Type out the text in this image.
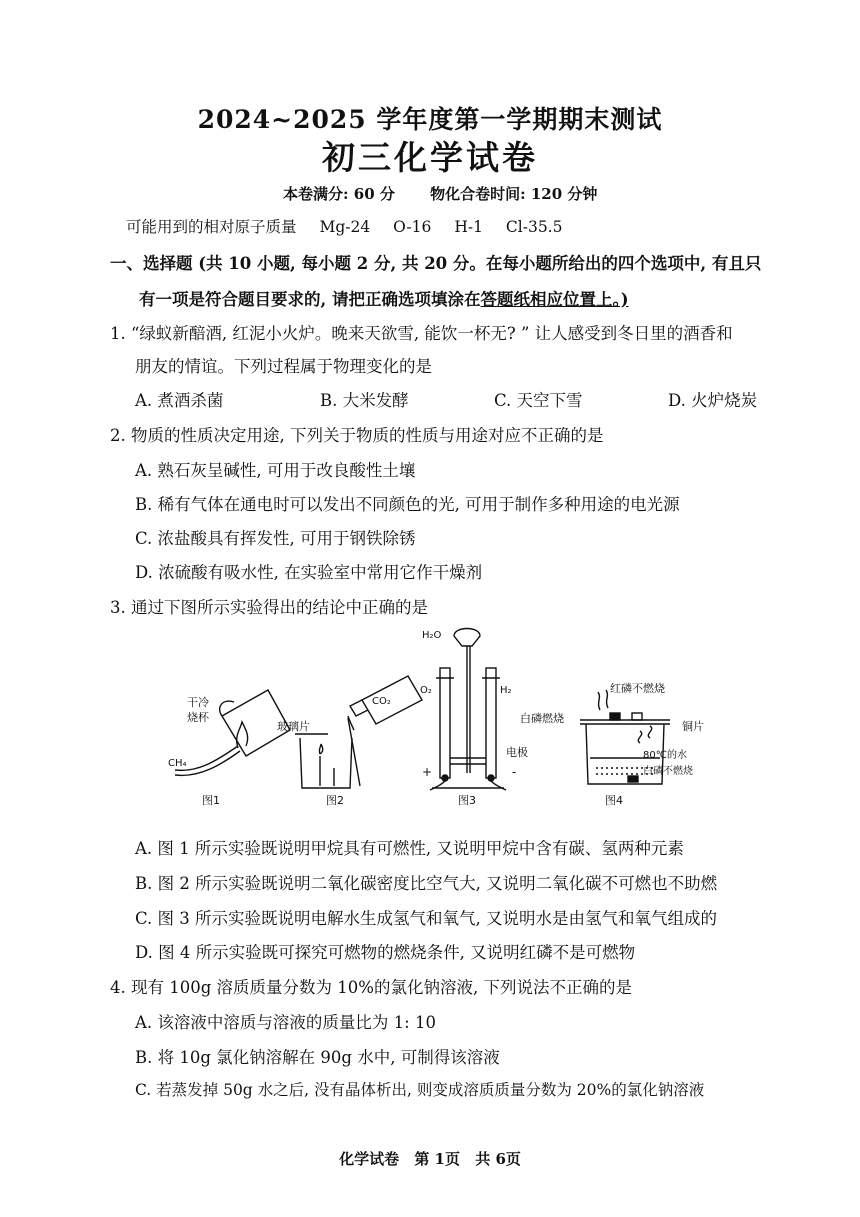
2024~2025 学年度第一学期期末测试
初三化学试卷
本卷满分: 60 分 物化合卷时间: 120 分钟
可能用到的相对原子质量 Mg-24 O-16 H-1 Cl-35.5
一、选择题 (共 10 小题, 每小题 2 分, 共 20 分。在每小题所给出的四个选项中, 有且只
有一项是符合题目要求的, 请把正确选项填涂在答题纸相应位置上。)
1. “绿蚁新醅酒, 红泥小火炉。晚来天欲雪, 能饮一杯无? ” 让人感受到冬日里的酒香和
朋友的情谊。下列过程属于物理变化的是
A. 煮酒杀菌	B. 大米发酵	C. 天空下雪	D. 火炉烧炭
2. 物质的性质决定用途, 下列关于物质的性质与用途对应不正确的是
A. 熟石灰呈碱性, 可用于改良酸性土壤
B. 稀有气体在通电时可以发出不同颜色的光, 可用于制作多种用途的电光源
C. 浓盐酸具有挥发性, 可用于钢铁除锈
D. 浓硫酸有吸水性, 在实验室中常用它作干燥剂
3. 通过下图所示实验得出的结论中正确的是
干冷
烧杯
CH₄
玻璃片
CO₂
H₂O
O₂	H₂
电极
+	-
红磷不燃烧
白磷燃烧
铜片
80℃的水
白磷不燃烧
图1	图2	图3	图4
A. 图 1 所示实验既说明甲烷具有可燃性, 又说明甲烷中含有碳、氢两种元素
B. 图 2 所示实验既说明二氧化碳密度比空气大, 又说明二氧化碳不可燃也不助燃
C. 图 3 所示实验既说明电解水生成氢气和氧气, 又说明水是由氢气和氧气组成的
D. 图 4 所示实验既可探究可燃物的燃烧条件, 又说明红磷不是可燃物
4. 现有 100g 溶质质量分数为 10%的氯化钠溶液, 下列说法不正确的是
A. 该溶液中溶质与溶液的质量比为 1: 10
B. 将 10g 氯化钠溶解在 90g 水中, 可制得该溶液
C. 若蒸发掉 50g 水之后, 没有晶体析出, 则变成溶质质量分数为 20%的氯化钠溶液
化学试卷 第 1页 共 6页
